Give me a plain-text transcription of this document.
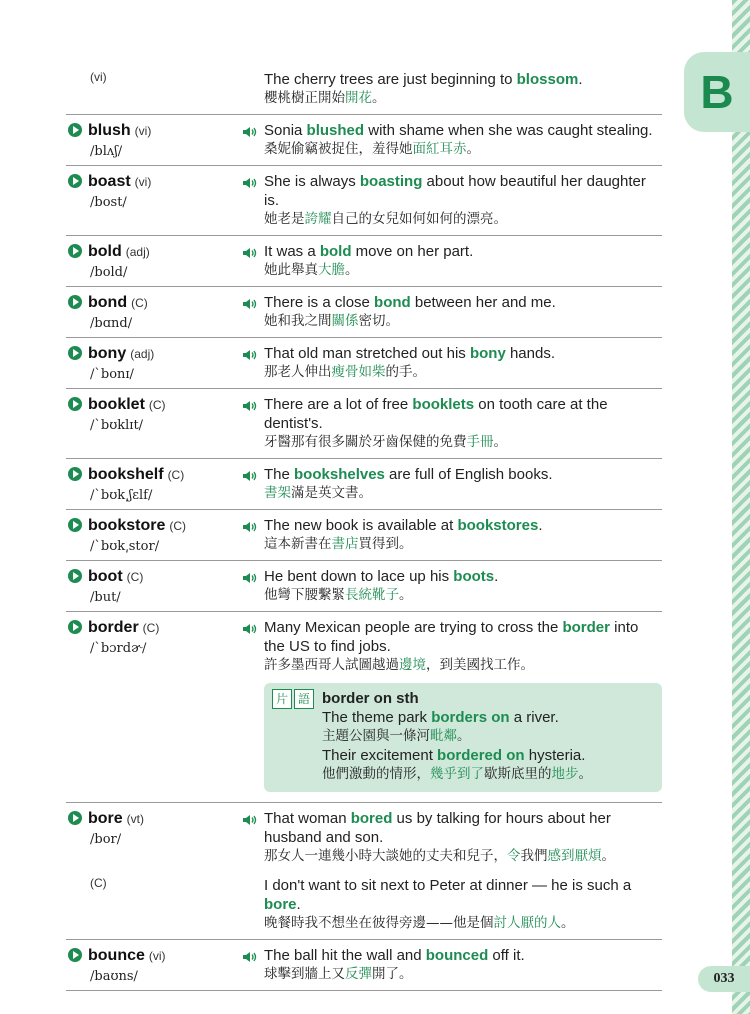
B
033
(vi)	The cherry trees are just beginning to blossom.
櫻桃樹正開始開花。
blush (vi)
/blʌʃ/
Sonia blushed with shame when she was caught stealing.
桑妮偷竊被捉住，羞得她面紅耳赤。
boast (vi)
/bost/
She is always boasting about how beautiful her daughter is.
她老是誇耀自己的女兒如何如何的漂亮。
bold (adj)
/bold/
It was a bold move on her part.
她此舉真大膽。
bond (C)
/bɑnd/
There is a close bond between her and me.
她和我之間關係密切。
bony (adj)
/`bonɪ/
That old man stretched out his bony hands.
那老人伸出瘦骨如柴的手。
booklet (C)
/`bʊklɪt/
There are a lot of free booklets on tooth care at the dentist's.
牙醫那有很多關於牙齒保健的免費手冊。
bookshelf (C)
/`bʊk͵ʃɛlf/
The bookshelves are full of English books.
書架滿是英文書。
bookstore (C)
/`bʊk͵stor/
The new book is available at bookstores.
這本新書在書店買得到。
boot (C)
/but/
He bent down to lace up his boots.
他彎下腰繫緊長統靴子。
border (C)
/`bɔrdɚ/
Many Mexican people are trying to cross the border into the US to find jobs.
許多墨西哥人試圖越過邊境，到美國找工作。
片 語 border on sth
The theme park borders on a river.
主題公園與一條河毗鄰。
Their excitement bordered on hysteria.
他們激動的情形，幾乎到了歇斯底里的地步。
bore (vt)
/bor/
That woman bored us by talking for hours about her husband and son.
那女人一連幾小時大談她的丈夫和兒子，令我們感到厭煩。
(C)	I don't want to sit next to Peter at dinner — he is such a bore.
晚餐時我不想坐在彼得旁邊——他是個討人厭的人。
bounce (vi)
/baʊns/
The ball hit the wall and bounced off it.
球擊到牆上又反彈開了。
